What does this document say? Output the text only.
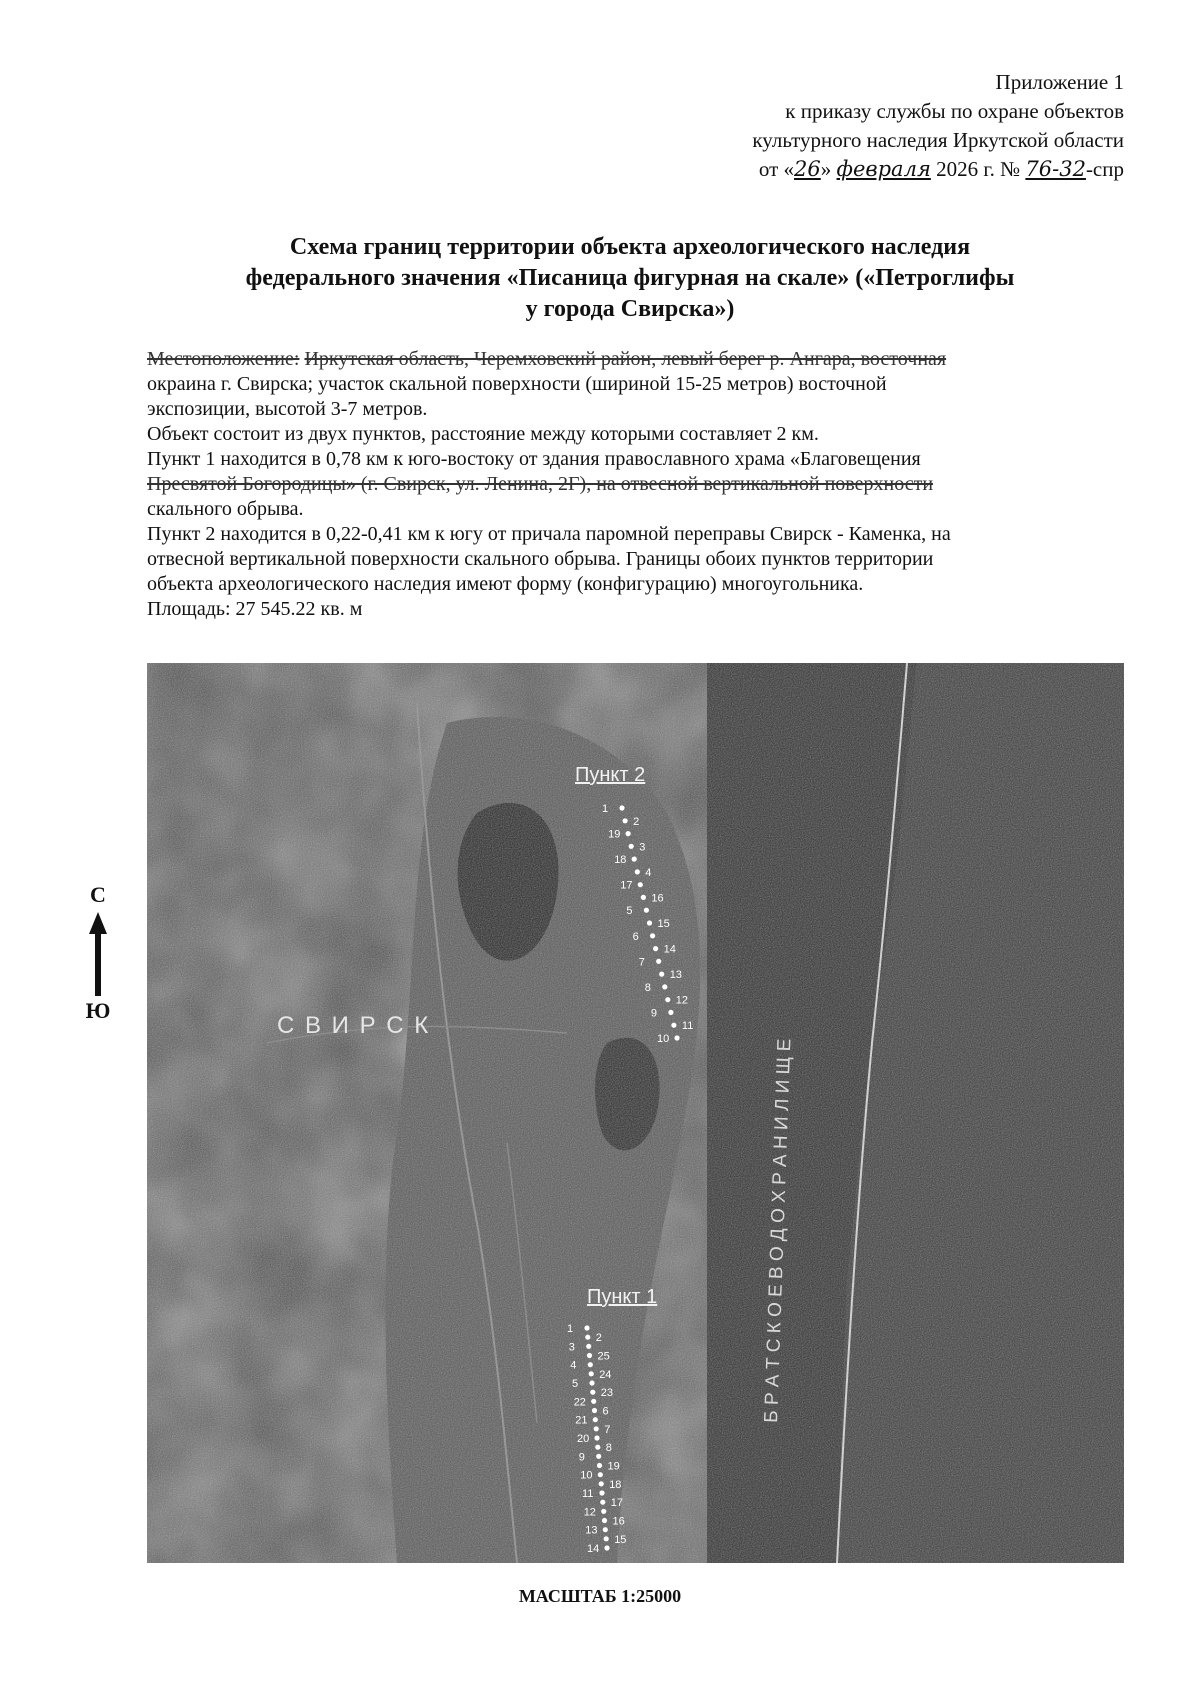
Приложение 1
к приказу службы по охране объектов
культурного наследия Иркутской области
от «26» февраля 2026 г. № 76-32-спр
Схема границ территории объекта археологического наследия
федерального значения «Писаница фигурная на скале» («Петроглифы
у города Свирска»)

Местоположение: Иркутская область, Черемховский район, левый берег р. Ангара, восточная
окраина г. Свирска; участок скальной поверхности (шириной 15-25 метров) восточной
экспозиции, высотой 3-7 метров.

Объект состоит из двух пунктов, расстояние между которыми составляет 2 км.

Пункт 1 находится в 0,78 км к юго-востоку от здания православного храма «Благовещения
Пресвятой Богородицы» (г. Свирск, ул. Ленина, 2Г), на отвесной вертикальной поверхности
скального обрыва.

Пункт 2 находится в 0,22-0,41 км к югу от причала паромной переправы Свирск - Каменка, на
отвесной вертикальной поверхности скального обрыва. Границы обоих пунктов территории
объекта археологического наследия имеют форму (конфигурацию) многоугольника.

Площадь: 27 545.22 кв. м

С
Ю
С В И Р С К
Б Р А Т С К О Е В О Д О Х Р А Н И Л И Щ Е
Пункт 2
Пункт 1
1
2
19
3
18
4
17
16
5
15
6
14
7
13
8
12
9
11
10
1
2
3
25
4
24
5
23
22
6
21
7
20
8
9
19
10
18
11
17
12
16
13
15
14
МАСШТАБ 1:25000
